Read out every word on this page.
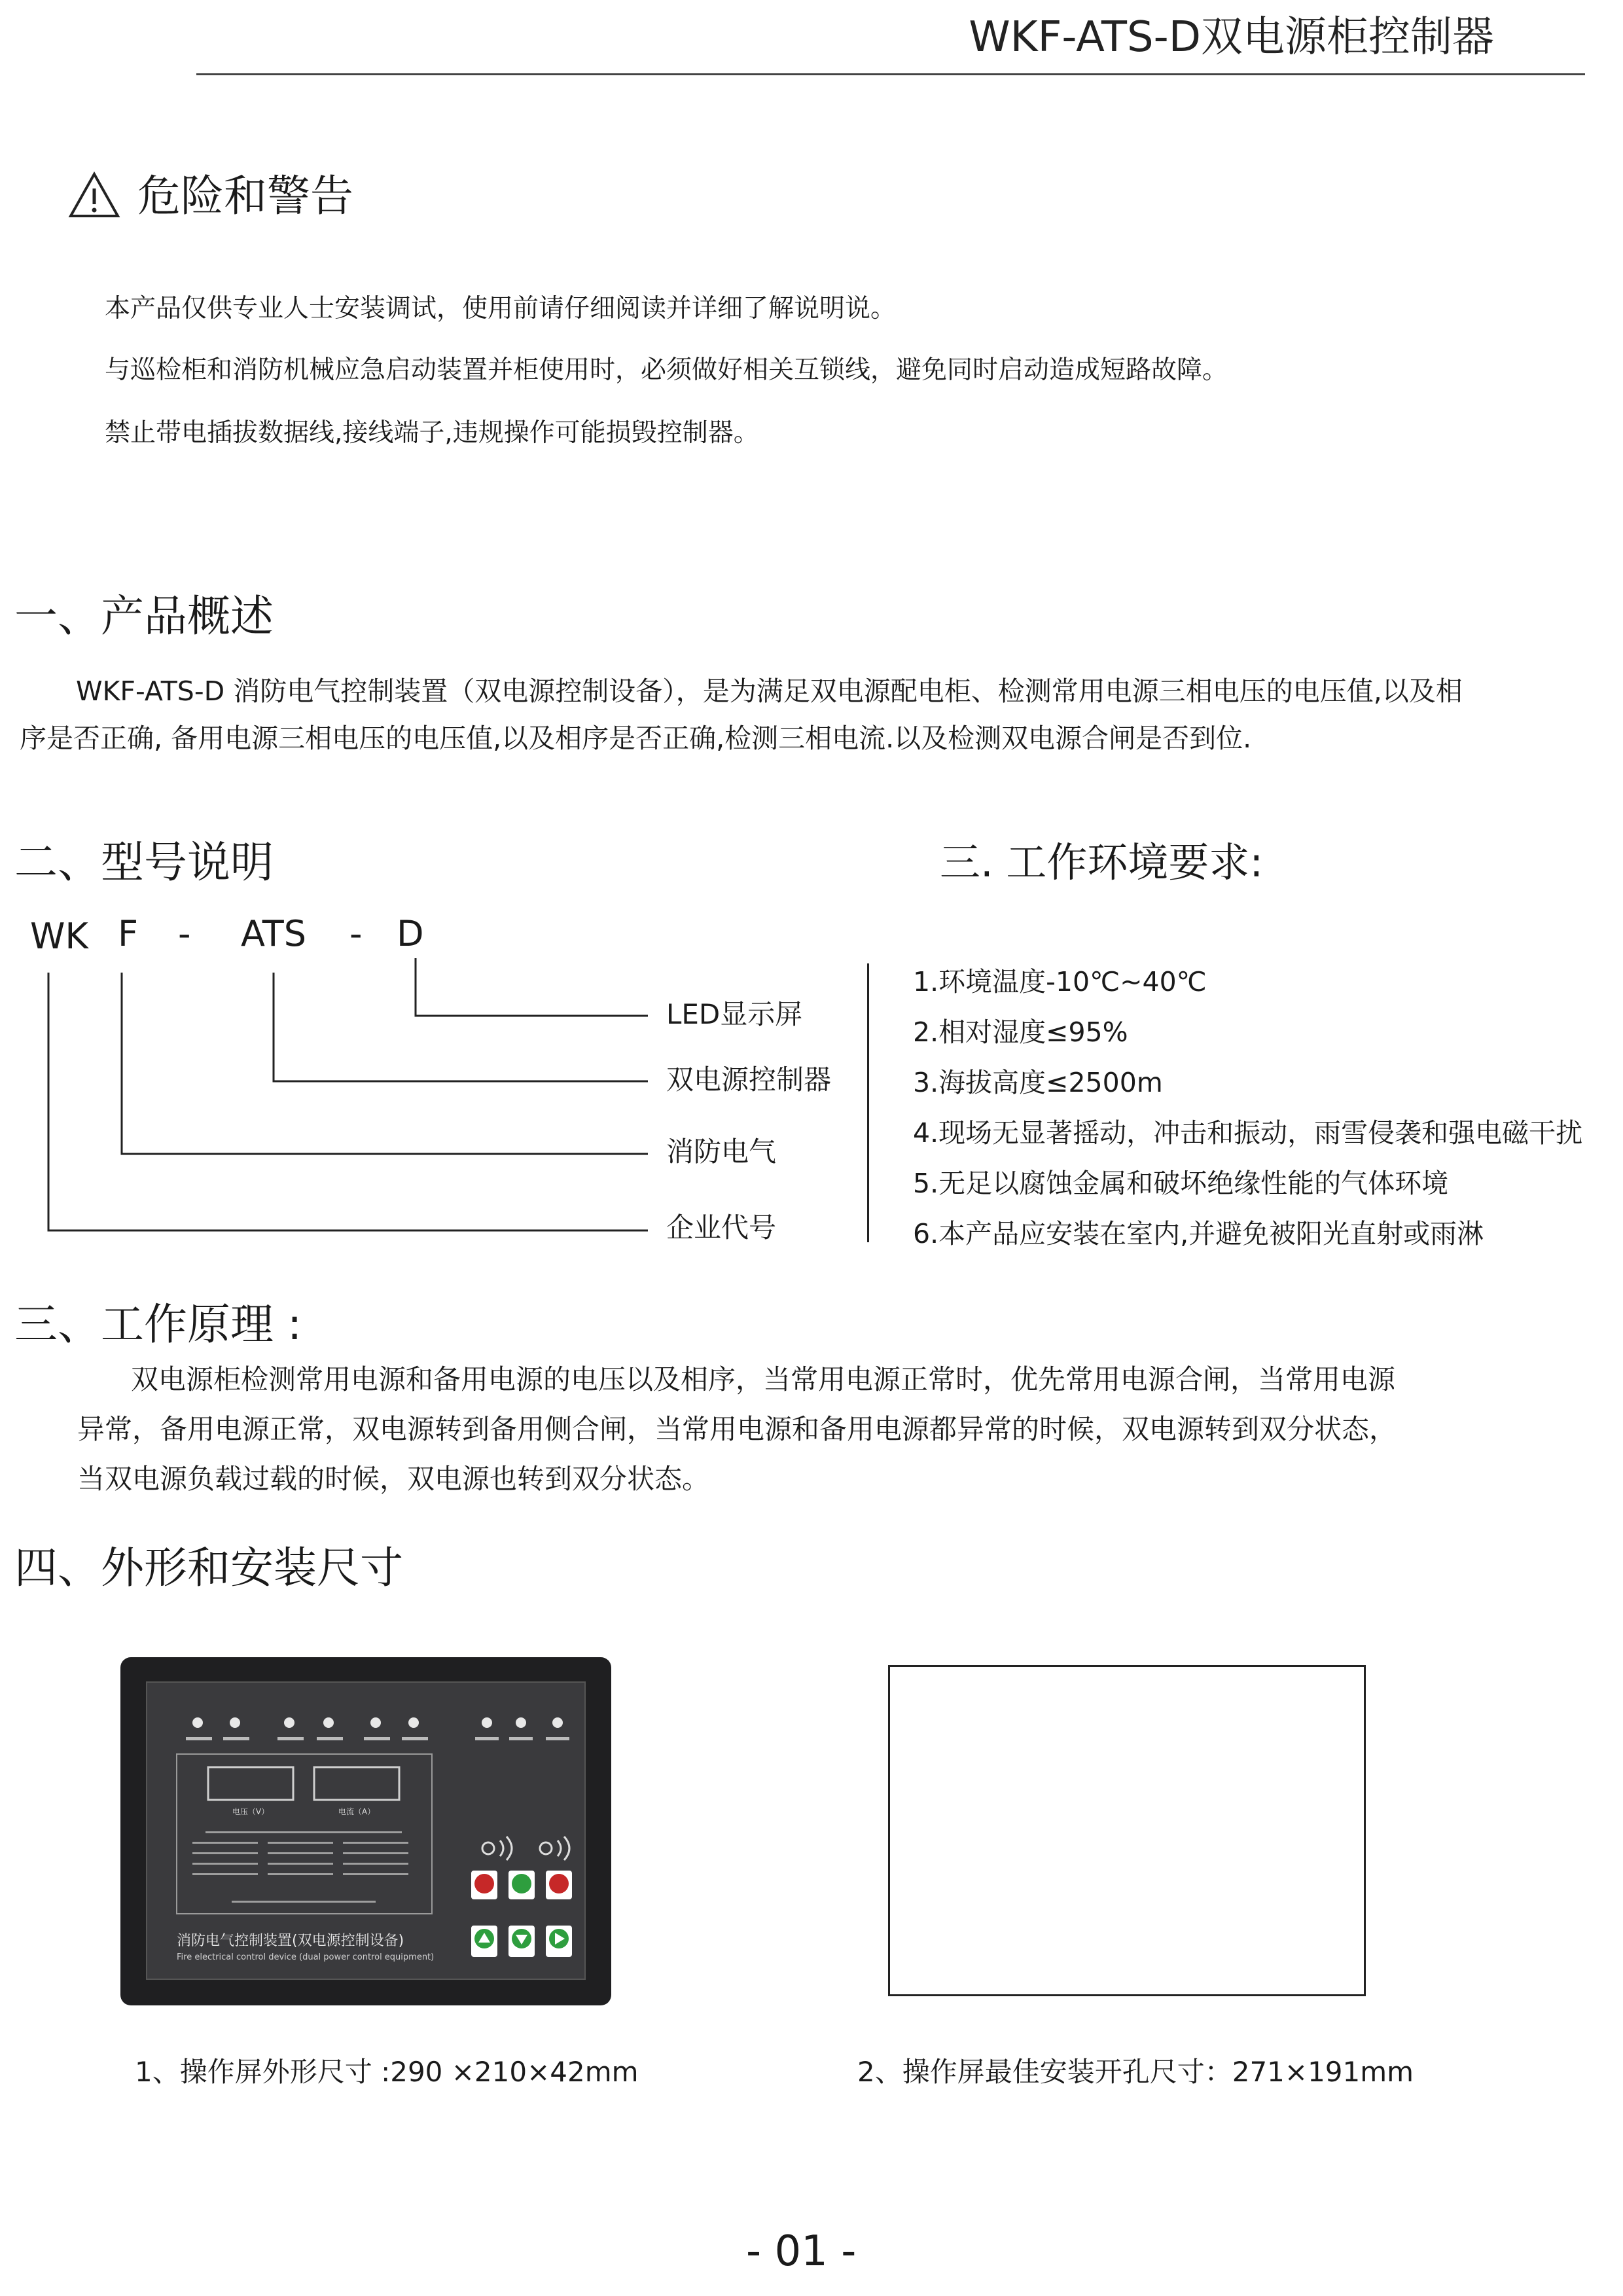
WKF-ATS-D双电源柜控制器
危险和警告
本产品仅供专业人士安装调试，使用前请仔细阅读并详细了解说明说。
与巡检柜和消防机械应急启动装置并柜使用时，必须做好相关互锁线，避免同时启动造成短路故障。
禁止带电插拔数据线,接线端子,违规操作可能损毁控制器。
一、产品概述
WKF-ATS-D 消防电气控制装置（双电源控制设备），是为满足双电源配电柜、检测常用电源三相电压的电压值,以及相
序是否正确, 备用电源三相电压的电压值,以及相序是否正确,检测三相电流.以及检测双电源合闸是否到位.
二、型号说明
WK F - ATS - D
LED显示屏
双电源控制器
消防电气
企业代号
三. 工作环境要求:
1.环境温度-10℃~40℃
2.相对湿度≤95%
3.海拔高度≤2500m
4.现场无显著摇动，冲击和振动，雨雪侵袭和强电磁干扰
5.无足以腐蚀金属和破坏绝缘性能的气体环境
6.本产品应安装在室内,并避免被阳光直射或雨淋
三、工作原理 :

双电源柜检测常用电源和备用电源的电压以及相序，当常用电源正常时，优先常用电源合闸，当常用电源

异常，备用电源正常，双电源转到备用侧合闸，当常用电源和备用电源都异常的时候，双电源转到双分状态，

当双电源负载过载的时候，双电源也转到双分状态。

四、外形和安装尺寸
电压（V）	电流（A）
消防电气控制装置(双电源控制设备)
Fire electrical control device (dual power control equipment)
1、操作屏外形尺寸 :290 ×210×42mm	2、操作屏最佳安装开孔尺寸：271×191mm
- 01 -
